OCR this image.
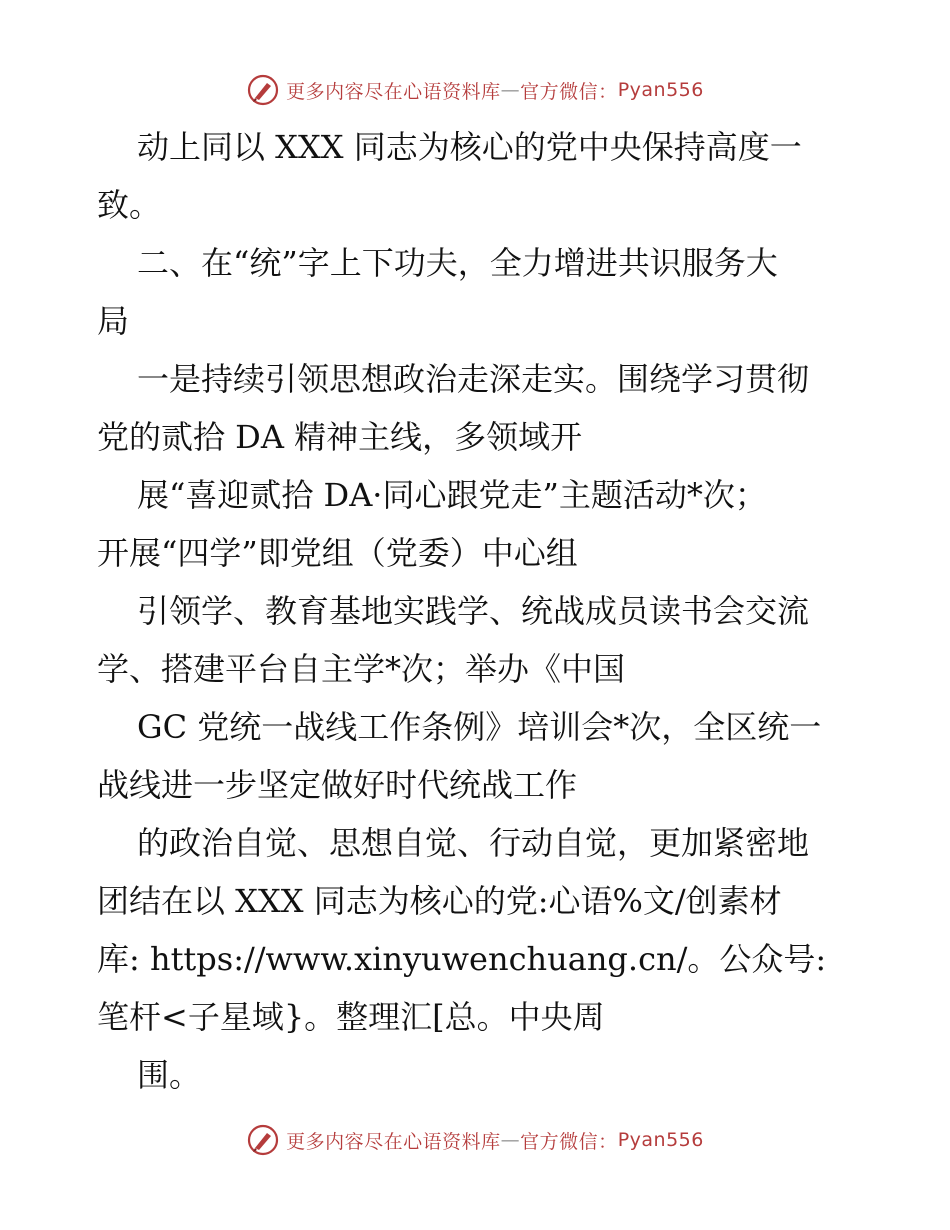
更多内容尽在心语资料库 — 官方微信： Pyan556

动上同以 XXX 同志为核心的党中央保持高度一

致。

二、在“统”字上下功夫，全力增进共识服务大

局

一是持续引领思想政治走深走实。围绕学习贯彻

党的贰拾 DA 精神主线，多领域开

展“喜迎贰拾 DA·同心跟党走”主题活动*次；

开展“四学”即党组（党委）中心组

引领学、教育基地实践学、统战成员读书会交流

学、搭建平台自主学*次；举办《中国

GC 党统一战线工作条例》培训会*次，全区统一

战线进一步坚定做好时代统战工作

的政治自觉、思想自觉、行动自觉，更加紧密地

团结在以 XXX 同志为核心的党:心语%文/创素材

库: https://www.xinyuwenchuang.cn/。公众号:

笔杆<子星域}。整理汇[总。中央周

围。

更多内容尽在心语资料库 — 官方微信： Pyan556
